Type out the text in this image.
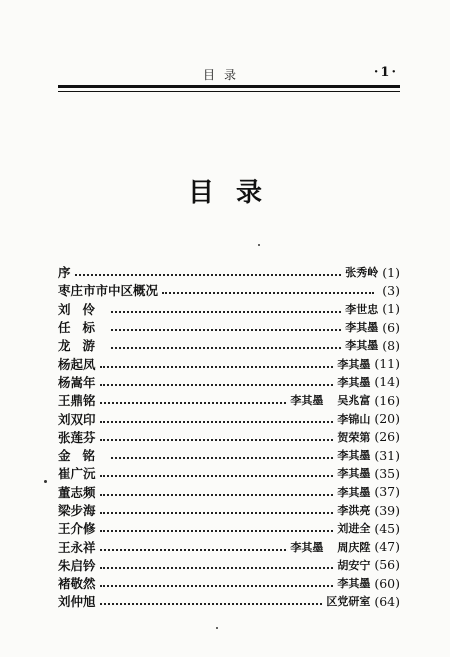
目录	·1·
目录
序	张秀岭 (1)
枣庄市市中区概况	(3)
刘伶	李世忠 (1)
任标	李其墨 (6)
龙游	李其墨 (8)
杨起凤	李其墨 (11)
杨嵩年	李其墨 (14)
王鼎铭	李其墨 吴兆富 (16)
刘双印	李锦山 (20)
张莲芬	贺荣第 (26)
金铭	李其墨 (31)
崔广沅	李其墨 (35)
董志频	李其墨 (37)
梁步海	李洪亮 (39)
王介修	刘进全 (45)
王永祥	李其墨 周庆陞 (47)
朱启钤	胡安宁 (56)
褚敬然	李其墨 (60)
刘仲旭	区党研室 (64)
